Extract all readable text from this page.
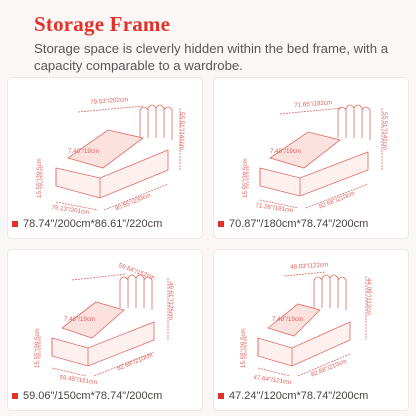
Storage Frame
Storage space is cleverly hidden within the bed frame, with a capacity comparable to a wardrobe.
79.53"/202cm
55.51"/141cm
15.55"/39.5cm
7.48"/19cm
79.13"/201cm	90.55"/230cm
78.74"/200cm*86.61"/220cm
71.65"/182cm
55.51"/141cm
15.55"/39.5cm
7.48"/19cm
71.26"/181cm	82.68"/210cm
70.87"/180cm*78.74"/200cm
59.84"/152cm
49.61"/126cm
15.55"/39.5cm
7.48"/19cm
59.45"/151cm
82.68"/210cm
59.06"/150cm*78.74"/200cm
48.03"/122cm
44.09"/112cm
15.55"/39.5cm
7.48"/19cm
47.64"/121cm
82.68"/210cm
47.24"/120cm*78.74"/200cm
